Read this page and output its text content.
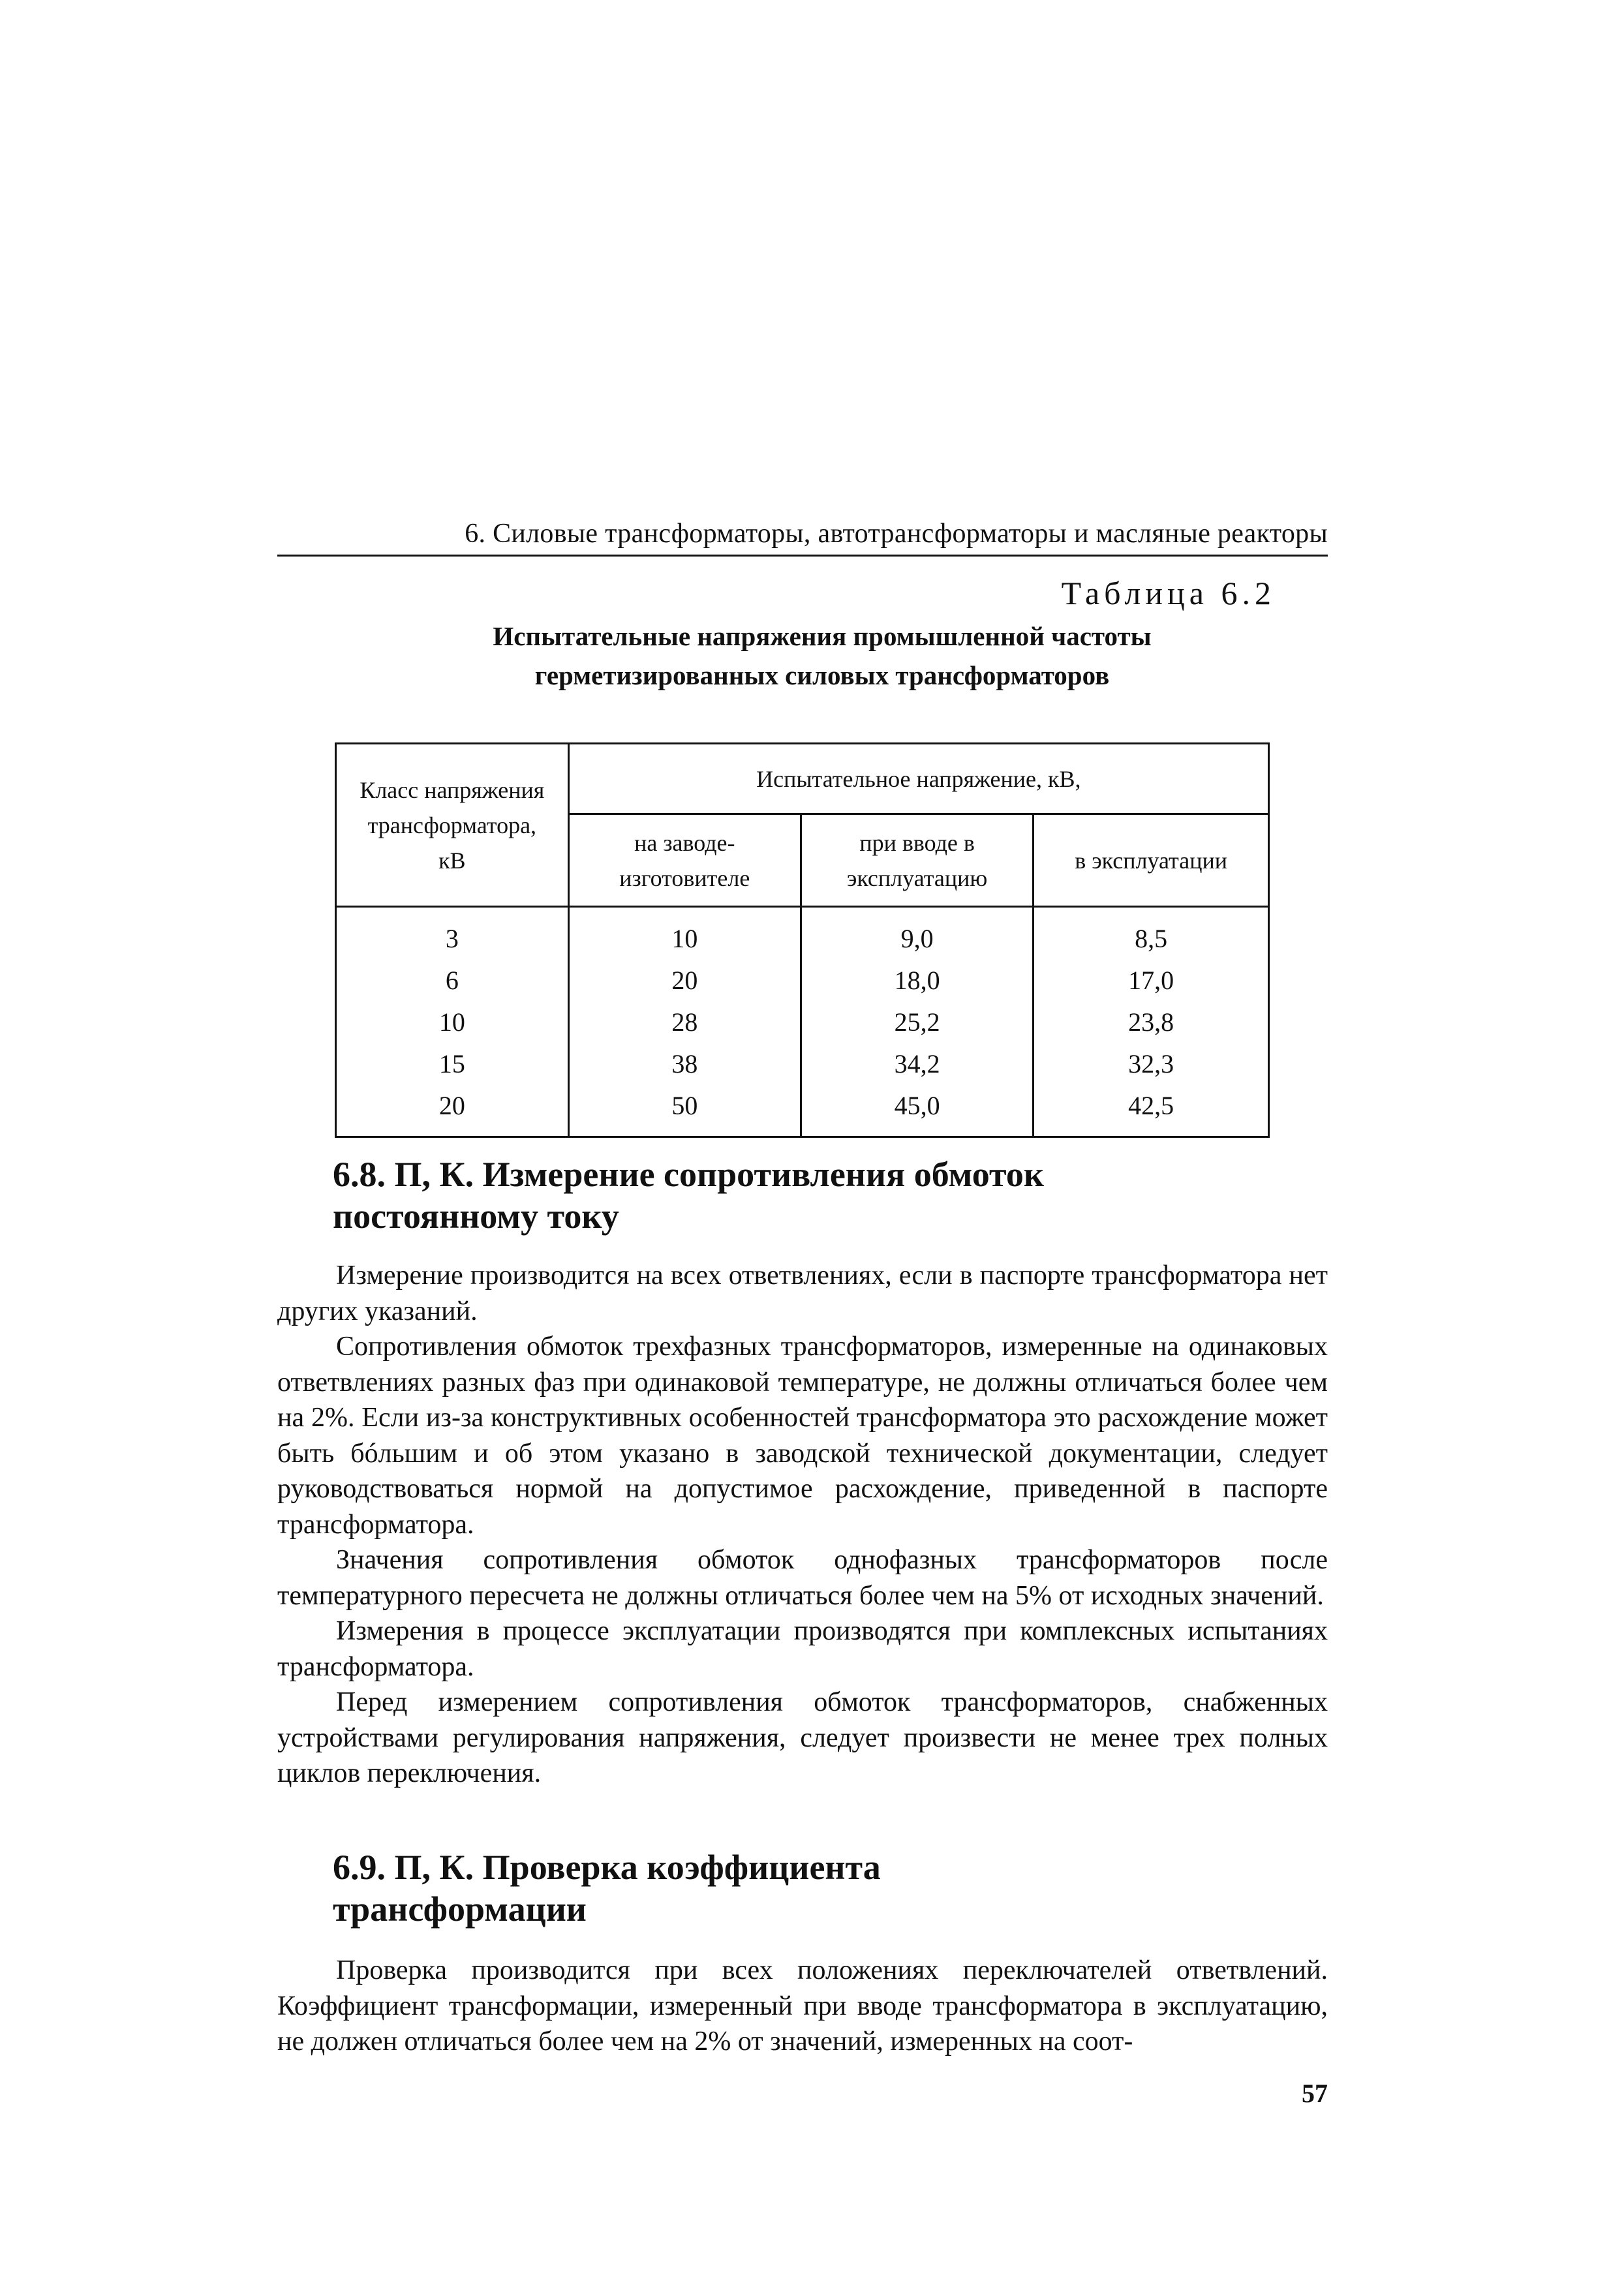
6. Силовые трансформаторы, автотрансформаторы и масляные реакторы
Таблица 6.2
Испытательные напряжения промышленной частоты
герметизированных силовых трансформаторов
Класс напряжения трансформатора, кВ	Испытательное напряжение, кВ,		
	на заводе-изготовителе	при вводе в эксплуатацию	в эксплуатации
3	10	9,0	8,5
6	20	18,0	17,0
10	28	25,2	23,8
15	38	34,2	32,3
20	50	45,0	42,5
6.8. П, К. Измерение сопротивления обмоток
постоянному току

Измерение производится на всех ответвлениях, если в паспорте трансформатора нет других указаний.

Сопротивления обмоток трехфазных трансформаторов, измеренные на одинаковых ответвлениях разных фаз при одинаковой температуре, не должны отличаться более чем на 2%. Если из-за конструктивных особенностей трансформатора это расхождение может быть бóльшим и об этом указано в заводской технической документации, следует руководствоваться нормой на допустимое расхождение, приведенной в паспорте трансформатора.

Значения сопротивления обмоток однофазных трансформаторов после температурного пересчета не должны отличаться более чем на 5% от исходных значений.

Измерения в процессе эксплуатации производятся при комплексных испытаниях трансформатора.

Перед измерением сопротивления обмоток трансформаторов, снабженных устройствами регулирования напряжения, следует произвести не менее трех полных циклов переключения.

6.9. П, К. Проверка коэффициента
трансформации

Проверка производится при всех положениях переключателей ответвлений. Коэффициент трансформации, измеренный при вводе трансформатора в эксплуатацию, не должен отличаться более чем на 2% от значений, измеренных на соот-

57
